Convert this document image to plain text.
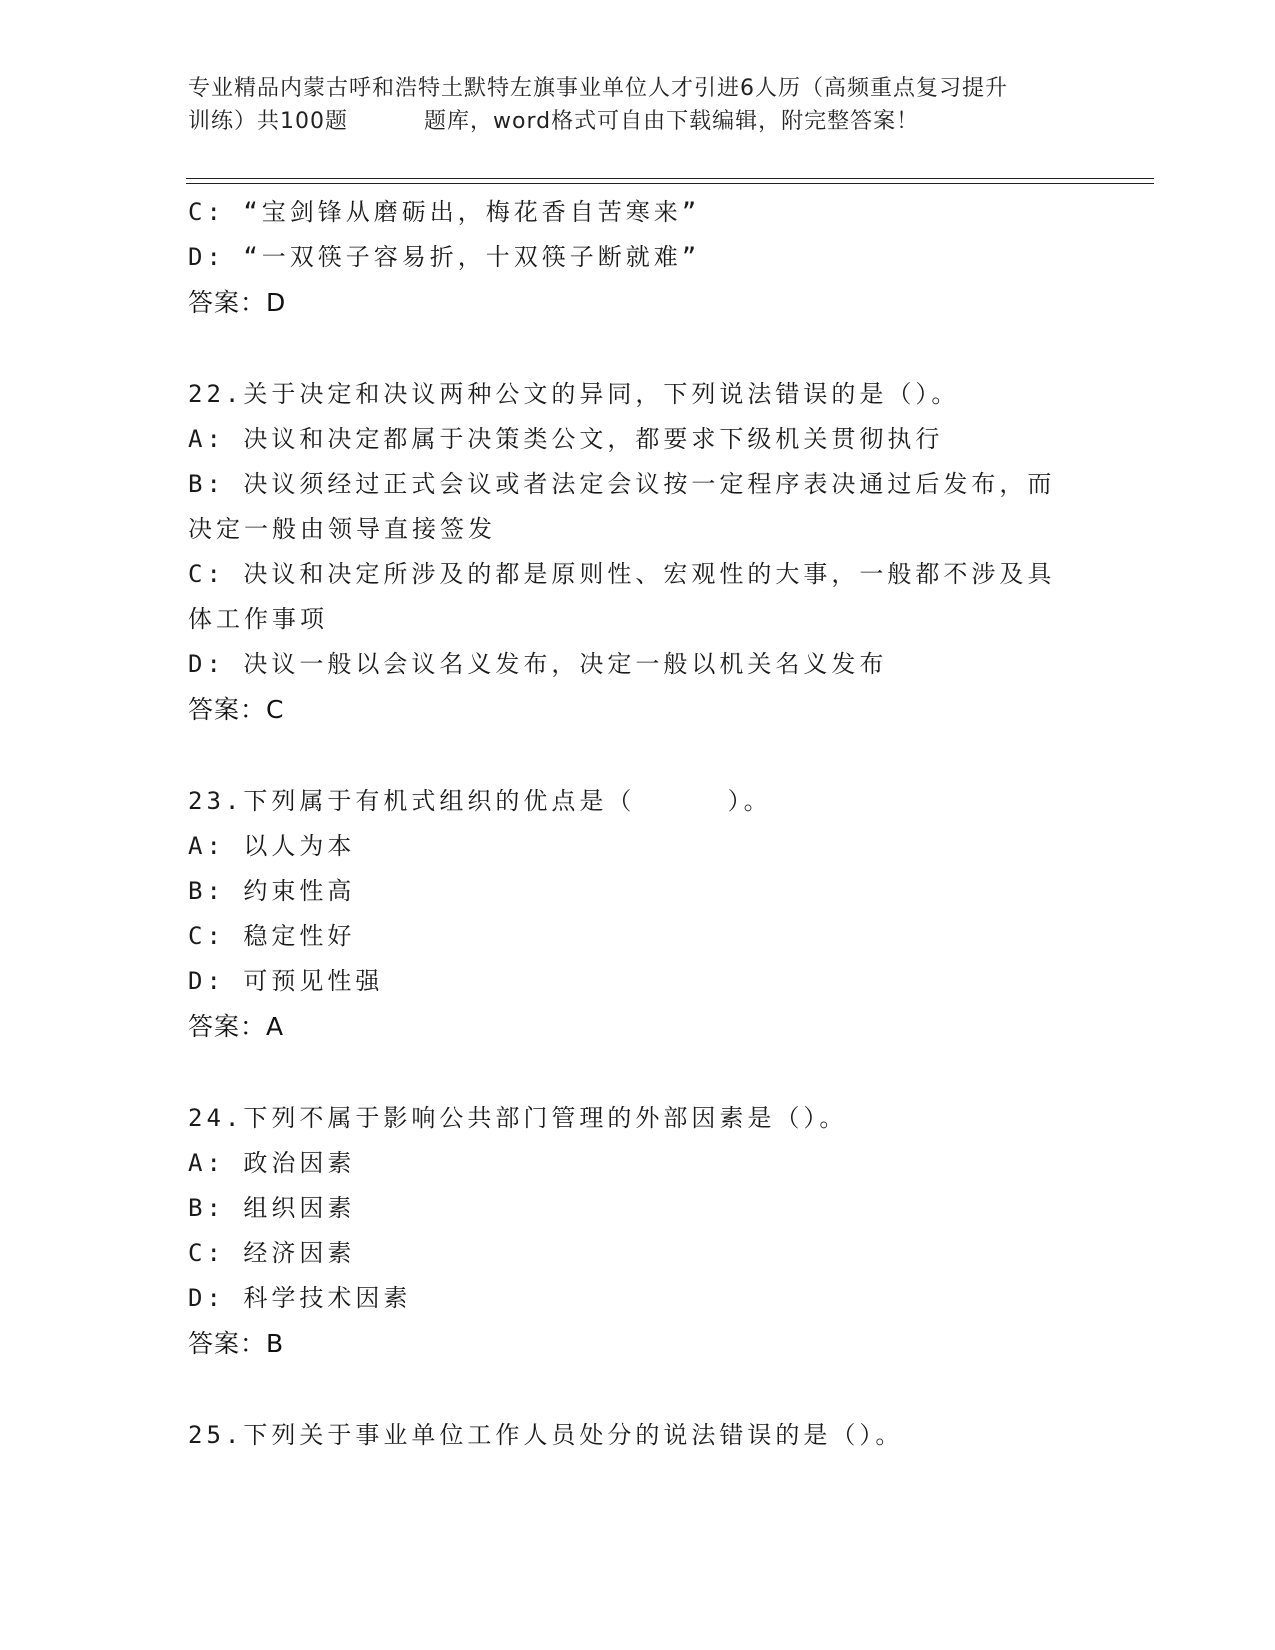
专业精品内蒙古呼和浩特土默特左旗事业单位人才引进6人历（高频重点复习提升
训练）共100题	题库，word格式可自由下载编辑，附完整答案！
C: “宝剑锋从磨砺出，梅花香自苦寒来”
D: “一双筷子容易折，十双筷子断就难”
答案：D
22.关于决定和决议两种公文的异同，下列说法错误的是（）。
A: 决议和决定都属于决策类公文，都要求下级机关贯彻执行
B: 决议须经过正式会议或者法定会议按一定程序表决通过后发布，而
决定一般由领导直接签发
C: 决议和决定所涉及的都是原则性、宏观性的大事，一般都不涉及具
体工作事项
D: 决议一般以会议名义发布，决定一般以机关名义发布
答案：C
23.下列属于有机式组织的优点是（     ）。
A: 以人为本
B: 约束性高
C: 稳定性好
D: 可预见性强
答案：A
24.下列不属于影响公共部门管理的外部因素是（）。
A: 政治因素
B: 组织因素
C: 经济因素
D: 科学技术因素
答案：B
25.下列关于事业单位工作人员处分的说法错误的是（）。
